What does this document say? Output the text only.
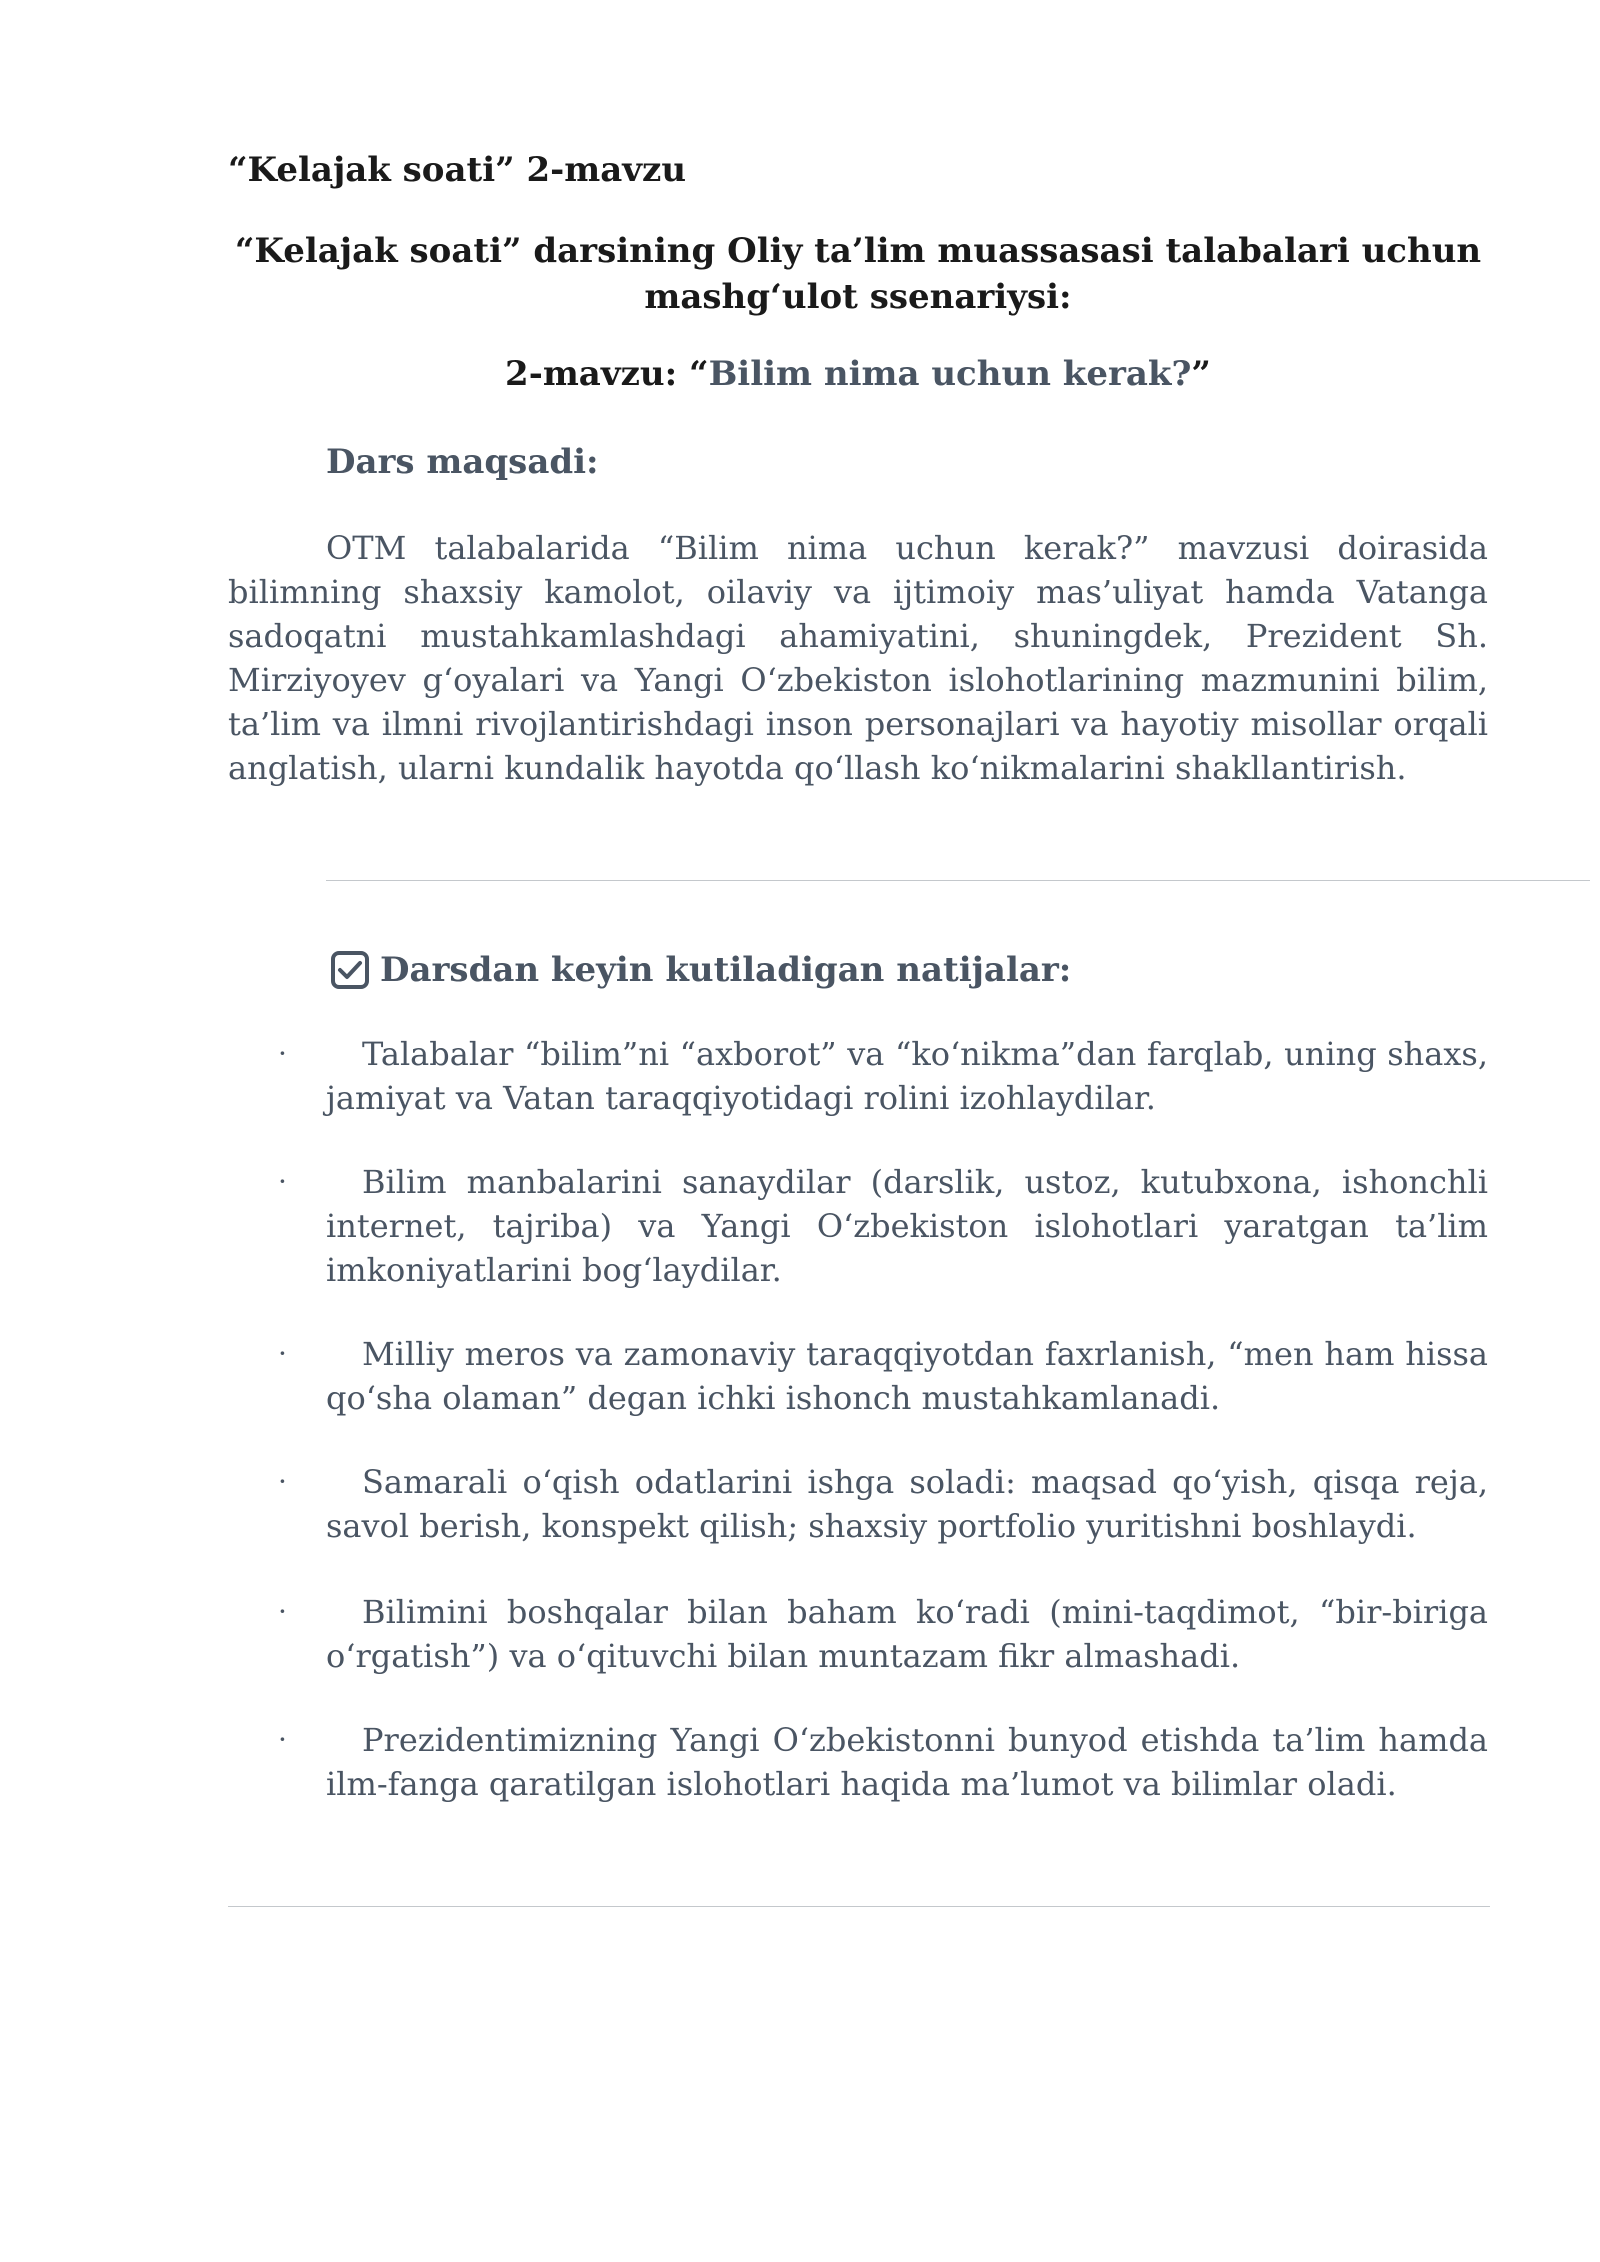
“Kelajak soati” 2-mavzu
“Kelajak soati” darsining Oliy ta’lim muassasasi talabalari uchun mashg‘ulot ssenariysi:
2-mavzu: “Bilim nima uchun kerak?”
Dars maqsadi:

OTM talabalarida “Bilim nima uchun kerak?” mavzusi doirasida bilimning shaxsiy kamolot, oilaviy va ijtimoiy mas’uliyat hamda Vatanga sadoqatni mustahkamlashdagi ahamiyatini, shuningdek, Prezident Sh. Mirziyoyev g‘oyalari va Yangi O‘zbekiston islohotlarining mazmunini bilim, ta’lim va ilmni rivojlantirishdagi inson personajlari va hayotiy misollar orqali anglatish, ularni kundalik hayotda qo‘llash ko‘nikmalarini shakllantirish.

Darsdan keyin kutiladigan natijalar:
· Talabalar “bilim”ni “axborot” va “ko‘nikma”dan farqlab, uning shaxs, jamiyat va Vatan taraqqiyotidagi rolini izohlaydilar.
· Bilim manbalarini sanaydilar (darslik, ustoz, kutubxona, ishonchli internet, tajriba) va Yangi O‘zbekiston islohotlari yaratgan ta’lim imkoniyatlarini bog‘laydilar.
· Milliy meros va zamonaviy taraqqiyotdan faxrlanish, “men ham hissa qo‘sha olaman” degan ichki ishonch mustahkamlanadi.
· Samarali o‘qish odatlarini ishga soladi: maqsad qo‘yish, qisqa reja, savol berish, konspekt qilish; shaxsiy portfolio yuritishni boshlaydi.
· Bilimini boshqalar bilan baham ko‘radi (mini-taqdimot, “bir-biriga o‘rgatish”) va o‘qituvchi bilan muntazam fikr almashadi.
· Prezidentimizning Yangi O‘zbekistonni bunyod etishda ta’lim hamda ilm-fanga qaratilgan islohotlari haqida ma’lumot va bilimlar oladi.
